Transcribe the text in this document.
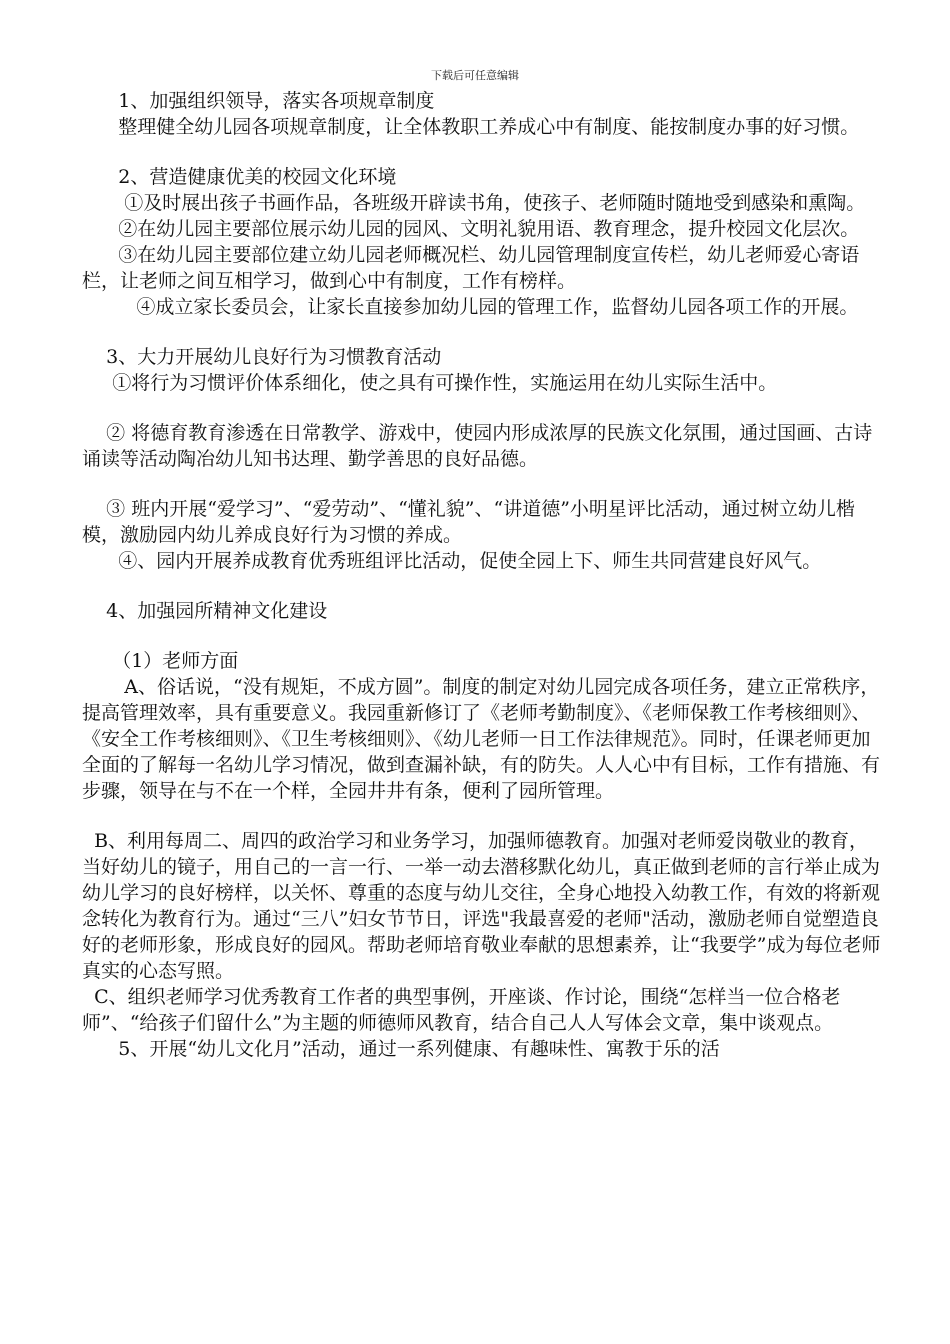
下载后可任意编辑

1、加强组织领导，落实各项规章制度

整理健全幼儿园各项规章制度，让全体教职工养成心中有制度、能按制度办事的好习惯。

2、营造健康优美的校园文化环境

①及时展出孩子书画作品，各班级开辟读书角，使孩子、老师随时随地受到感染和熏陶。

②在幼儿园主要部位展示幼儿园的园风、文明礼貌用语、教育理念，提升校园文化层次。

③在幼儿园主要部位建立幼儿园老师概况栏、幼儿园管理制度宣传栏，幼儿老师爱心寄语栏，让老师之间互相学习，做到心中有制度，工作有榜样。

④成立家长委员会，让家长直接参加幼儿园的管理工作，监督幼儿园各项工作的开展。

3、大力开展幼儿良好行为习惯教育活动

①将行为习惯评价体系细化，使之具有可操作性，实施运用在幼儿实际生活中。

② 将德育教育渗透在日常教学、游戏中，使园内形成浓厚的民族文化氛围，通过国画、古诗诵读等活动陶冶幼儿知书达理、勤学善思的良好品德。

③ 班内开展“爱学习”、“爱劳动”、“懂礼貌”、“讲道德”小明星评比活动，通过树立幼儿楷模，激励园内幼儿养成良好行为习惯的养成。

④、园内开展养成教育优秀班组评比活动，促使全园上下、师生共同营建良好风气。

4、加强园所精神文化建设

（1）老师方面

A、俗话说，“没有规矩，不成方圆”。制度的制定对幼儿园完成各项任务，建立正常秩序，提高管理效率，具有重要意义。我园重新修订了《老师考勤制度》、《老师保教工作考核细则》、《安全工作考核细则》、《卫生考核细则》、《幼儿老师一日工作法律规范》。同时，任课老师更加全面的了解每一名幼儿学习情况，做到查漏补缺，有的防失。人人心中有目标，工作有措施、有步骤，领导在与不在一个样，全园井井有条，便利了园所管理。

B、利用每周二、周四的政治学习和业务学习，加强师德教育。加强对老师爱岗敬业的教育，当好幼儿的镜子，用自己的一言一行、一举一动去潜移默化幼儿，真正做到老师的言行举止成为幼儿学习的良好榜样，以关怀、尊重的态度与幼儿交往，全身心地投入幼教工作，有效的将新观念转化为教育行为。通过“三八”妇女节节日，评选"我最喜爱的老师"活动，激励老师自觉塑造良好的老师形象，形成良好的园风。帮助老师培育敬业奉献的思想素养，让“我要学”成为每位老师真实的心态写照。

C、组织老师学习优秀教育工作者的典型事例，开座谈、作讨论，围绕“怎样当一位合格老师”、“给孩子们留什么”为主题的师德师风教育，结合自己人人写体会文章，集中谈观点。

5、开展“幼儿文化月”活动，通过一系列健康、有趣味性、寓教于乐的活
